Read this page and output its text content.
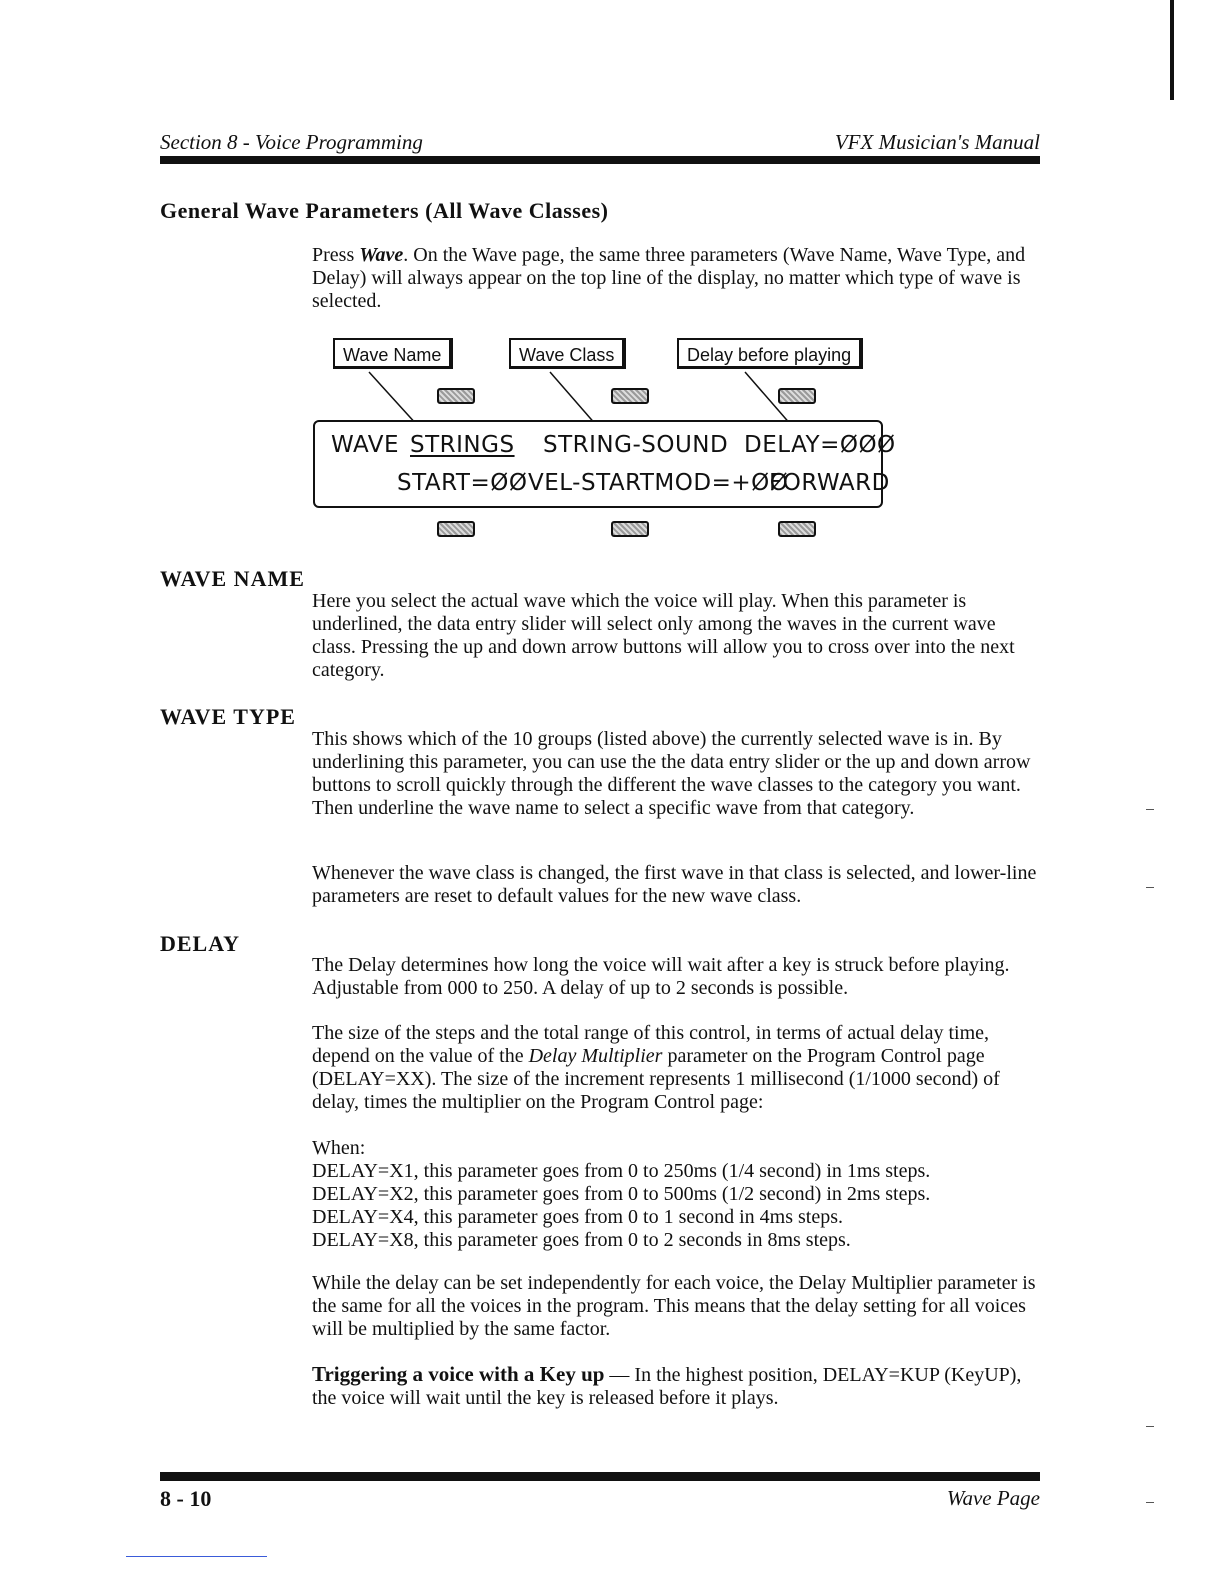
Section 8 - Voice Programming	VFX Musician's Manual
General Wave Parameters (All Wave Classes)

Press Wave. On the Wave page, the same three parameters (Wave Name, Wave Type, and Delay) will always appear on the top line of the display, no matter which type of wave is selected.

Wave Name	Wave Class	Delay before playing
WAVE STRINGS STRING-SOUND DELAY=ØØØ
START=ØØ VEL-STARTMOD=+ØØ
FORWARD
WAVE NAME

Here you select the actual wave which the voice will play. When this parameter is underlined, the data entry slider will select only among the waves in the current wave class. Pressing the up and down arrow buttons will allow you to cross over into the next category.

WAVE TYPE

This shows which of the 10 groups (listed above) the currently selected wave is in. By underlining this parameter, you can use the the data entry slider or the up and down arrow buttons to scroll quickly through the different the wave classes to the category you want. Then underline the wave name to select a specific wave from that category.

Whenever the wave class is changed, the first wave in that class is selected, and lower-line parameters are reset to default values for the new wave class.

DELAY

The Delay determines how long the voice will wait after a key is struck before playing. Adjustable from 000 to 250. A delay of up to 2 seconds is possible.

The size of the steps and the total range of this control, in terms of actual delay time, depend on the value of the Delay Multiplier parameter on the Program Control page (DELAY=XX). The size of the increment represents 1 millisecond (1/1000 second) of delay, times the multiplier on the Program Control page:

When:
DELAY=X1, this parameter goes from 0 to 250ms (1/4 second) in 1ms steps.
DELAY=X2, this parameter goes from 0 to 500ms (1/2 second) in 2ms steps.
DELAY=X4, this parameter goes from 0 to 1 second in 4ms steps.
DELAY=X8, this parameter goes from 0 to 2 seconds in 8ms steps.

While the delay can be set independently for each voice, the Delay Multiplier parameter is the same for all the voices in the program. This means that the delay setting for all voices will be multiplied by the same factor.

Triggering a voice with a Key up — In the highest position, DELAY=KUP (KeyUP), the voice will wait until the key is released before it plays.

8 - 10	Wave Page
